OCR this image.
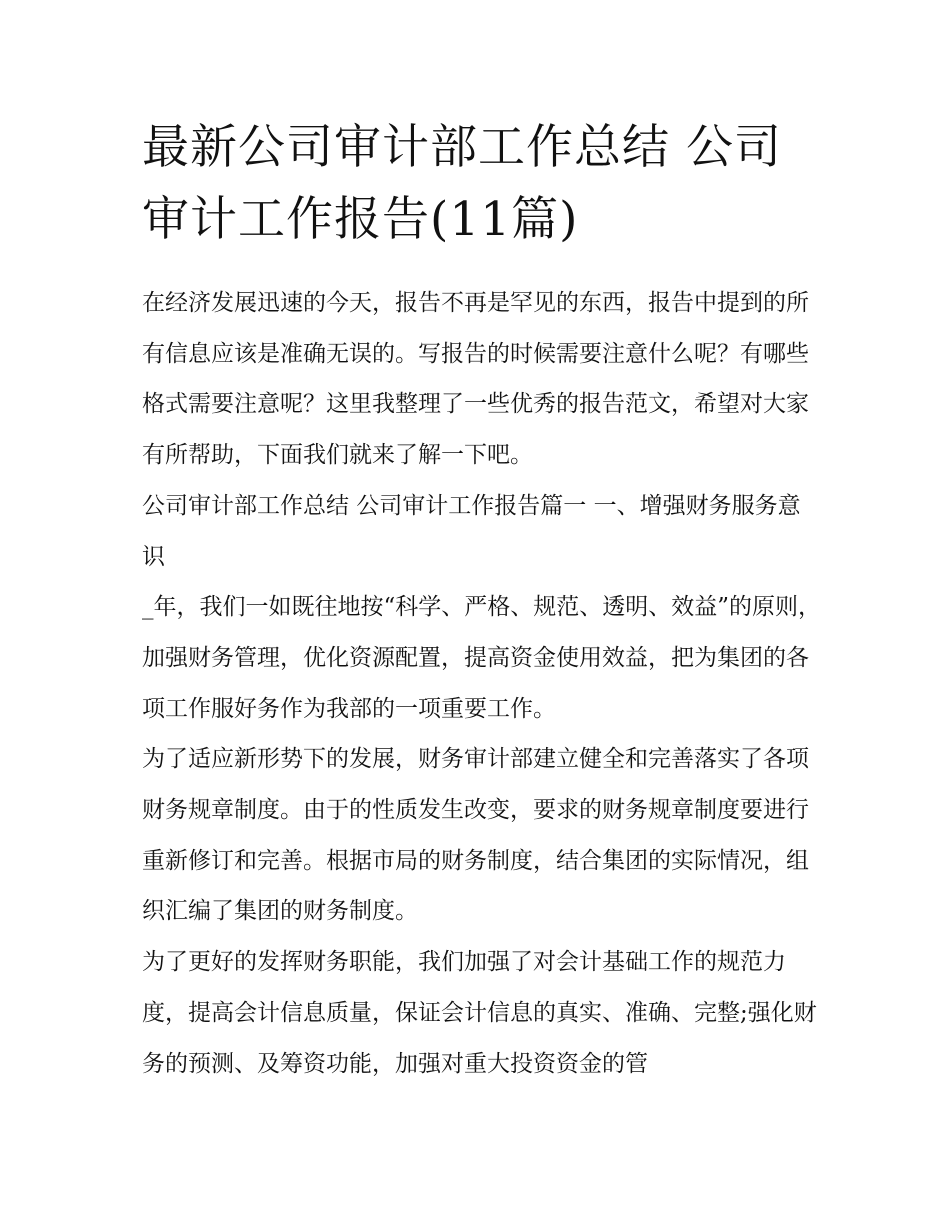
最新公司审计部工作总结 公司审计工作报告(11篇)

在经济发展迅速的今天，报告不再是罕见的东西，报告中提到的所有信息应该是准确无误的。写报告的时候需要注意什么呢？有哪些格式需要注意呢？这里我整理了一些优秀的报告范文，希望对大家有所帮助，下面我们就来了解一下吧。

公司审计部工作总结 公司审计工作报告篇一 一、增强财务服务意识

_年，我们一如既往地按“科学、严格、规范、透明、效益”的原则，加强财务管理，优化资源配置，提高资金使用效益，把为集团的各项工作服好务作为我部的一项重要工作。

为了适应新形势下的发展，财务审计部建立健全和完善落实了各项财务规章制度。由于的性质发生改变，要求的财务规章制度要进行重新修订和完善。根据市局的财务制度，结合集团的实际情况，组织汇编了集团的财务制度。

为了更好的发挥财务职能，我们加强了对会计基础工作的规范力度，提高会计信息质量，保证会计信息的真实、准确、完整;强化财务的预测、及筹资功能，加强对重大投资资金的管
